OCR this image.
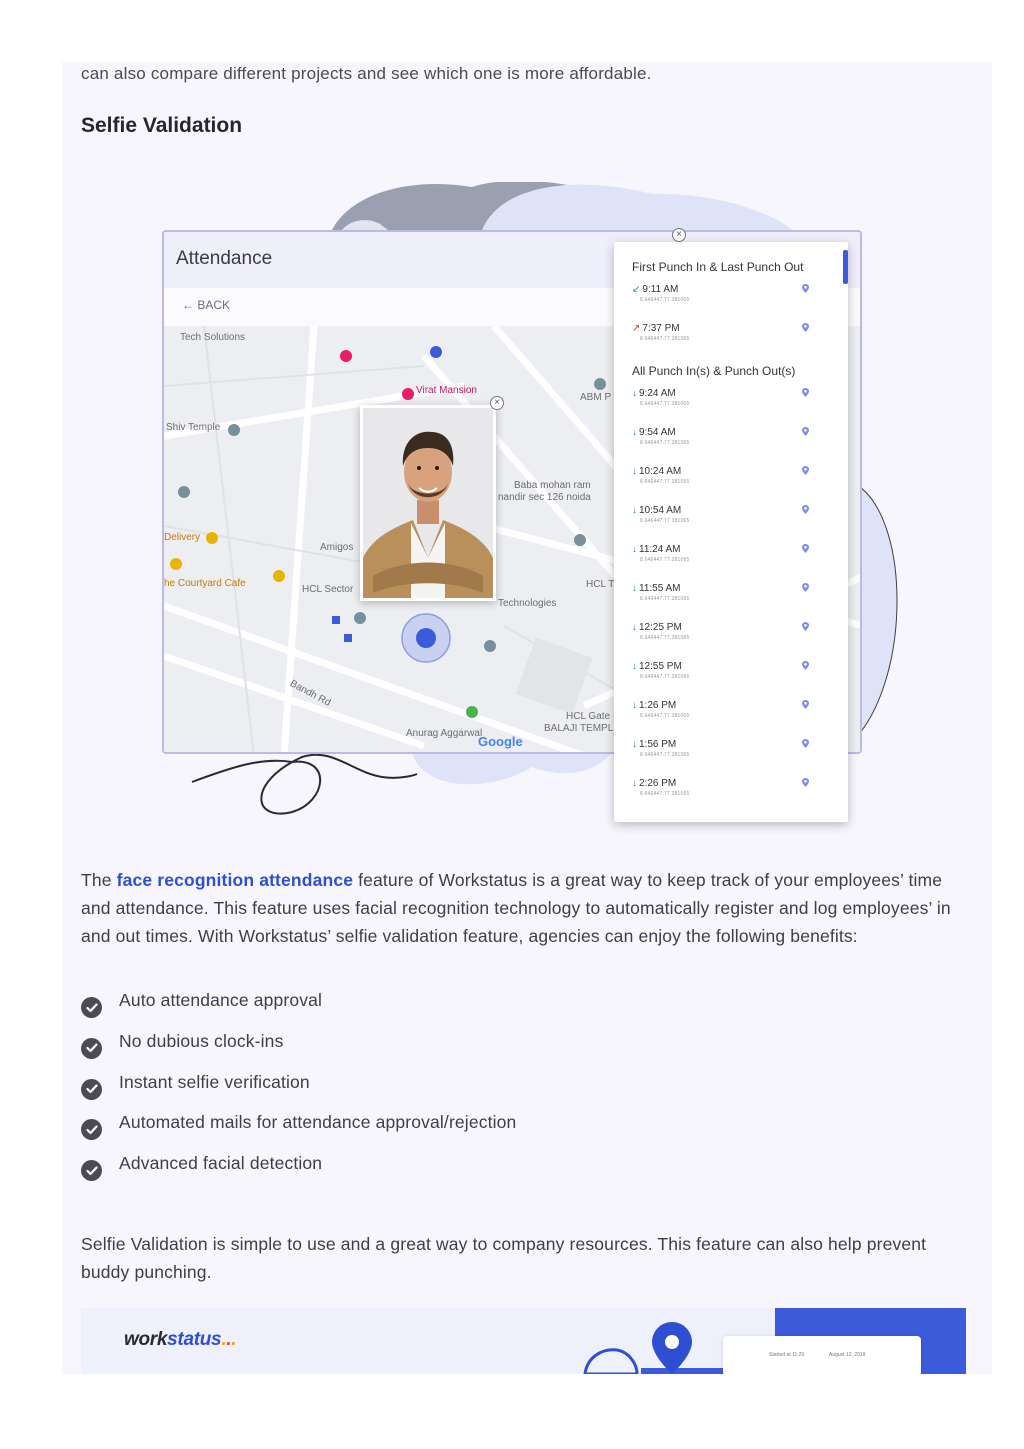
can also compare different projects and see which one is more affordable.

Selfie Validation
Attendance
← BACK
Tech Solutions
Shiv Temple
Virat Mansion
Amigos
Delivery
he Courtyard Cafe
HCL Sector
Technologies
Baba mohan ram
nandir sec 126 noida
ABM P
HCL T
HCL Gate
BALAJI TEMPL
Anurag Aggarwal
Bandh Rd
Google
×
×
First Punch In & Last Punch Out
↙ 9:11 AM
8.646447.77.381065
↗ 7:37 PM
8.646447.77.381065
All Punch In(s) & Punch Out(s)
↓ 9:24 AM
8.646447.77.381065
↓ 9:54 AM
8.646447.77.381065
↓ 10:24 AM
8.646447.77.381065
↓ 10:54 AM
8.646447.77.381065
↓ 11:24 AM
8.646447.77.381065
↓ 11:55 AM
8.646447.77.381065
↓ 12:25 PM
8.646447.77.381065
↓ 12:55 PM
8.646447.77.381065
↓ 1:26 PM
8.646447.77.381065
↓ 1:56 PM
8.646447.77.381065
↓ 2:26 PM
8.646447.77.381065

The face recognition attendance feature of Workstatus is a great way to keep track of your employees’ time and attendance. This feature uses facial recognition technology to automatically register and log employees’ in and out times. With Workstatus’ selfie validation feature, agencies can enjoy the following benefits:

Auto attendance approval
No dubious clock-ins
Instant selfie verification
Automated mails for attendance approval/rejection
Advanced facial detection

Selfie Validation is simple to use and a great way to company resources. This feature can also help prevent buddy punching.

workstatus...
Started at 11:29	August 12, 2019
